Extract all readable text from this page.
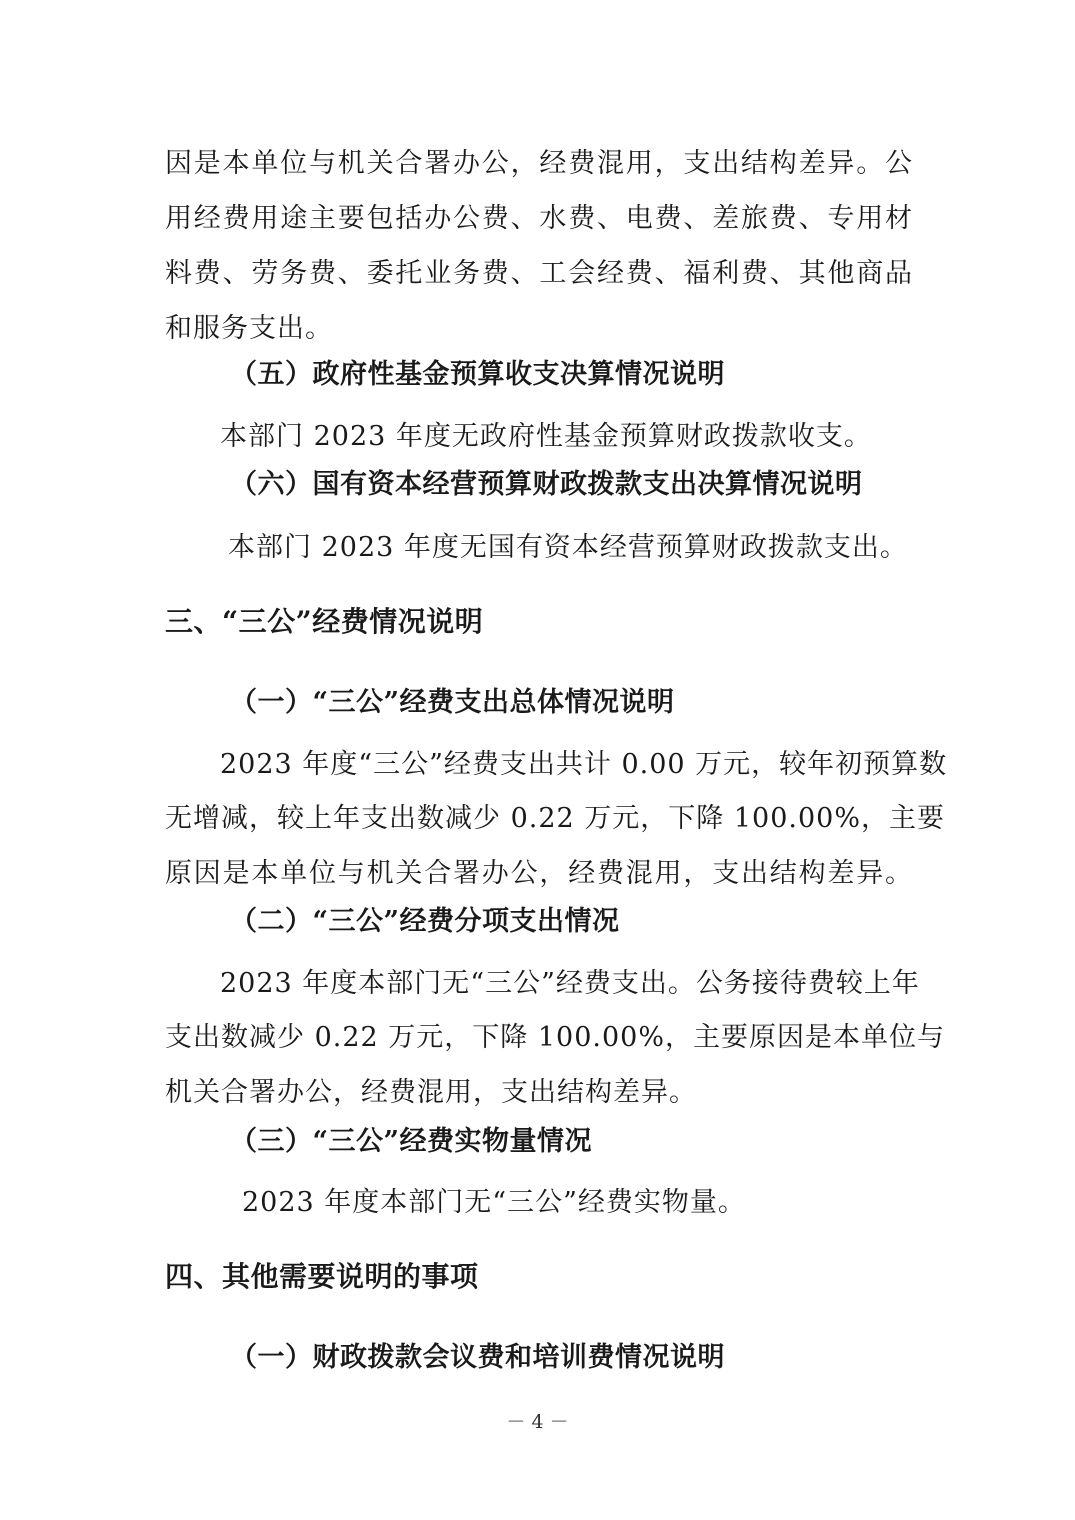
因是本单位与机关合署办公，经费混用，支出结构差异。公
用经费用途主要包括办公费、水费、电费、差旅费、专用材
料费、劳务费、委托业务费、工会经费、福利费、其他商品
和服务支出。
（五）政府性基金预算收支决算情况说明
本部门 2023 年度无政府性基金预算财政拨款收支。
（六）国有资本经营预算财政拨款支出决算情况说明
本部门 2023 年度无国有资本经营预算财政拨款支出。
三、“三公”经费情况说明
（一）“三公”经费支出总体情况说明
2023 年度“三公”经费支出共计 0.00 万元，较年初预算数
无增减，较上年支出数减少 0.22 万元，下降 100.00%，主要
原因是本单位与机关合署办公，经费混用，支出结构差异。
（二）“三公”经费分项支出情况
2023 年度本部门无“三公”经费支出。公务接待费较上年
支出数减少 0.22 万元，下降 100.00%，主要原因是本单位与
机关合署办公，经费混用，支出结构差异。
（三）“三公”经费实物量情况
2023 年度本部门无“三公”经费实物量。
四、其他需要说明的事项
（一）财政拨款会议费和培训费情况说明
－ 4 －
